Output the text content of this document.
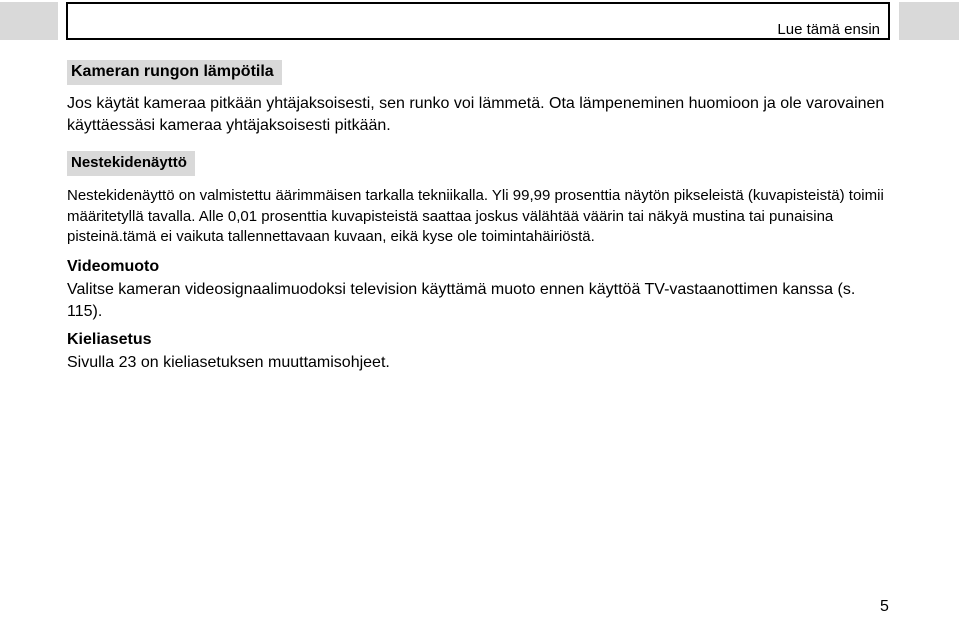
Lue tämä ensin
Kameran rungon lämpötila

Jos käytät kameraa pitkään yhtäjaksoisesti, sen runko voi lämmetä. Ota lämpeneminen huomioon ja ole varovainen käyttäessäsi kameraa yhtäjaksoisesti pitkään.

Nestekidenäyttö

Nestekidenäyttö on valmistettu äärimmäisen tarkalla tekniikalla. Yli 99,99 prosenttia näytön pikseleistä (kuvapisteistä) toimii määritetyllä tavalla. Alle 0,01 prosenttia kuvapisteistä saattaa joskus välähtää väärin tai näkyä mustina tai punaisina pisteinä.tämä ei vaikuta tallennettavaan kuvaan, eikä kyse ole toimintahäiriöstä.

Videomuoto

Valitse kameran videosignaalimuodoksi television käyttämä muoto ennen käyttöä TV-vastaanottimen kanssa (s. 115).

Kieliasetus

Sivulla 23 on kieliasetuksen muuttamisohjeet.

5
